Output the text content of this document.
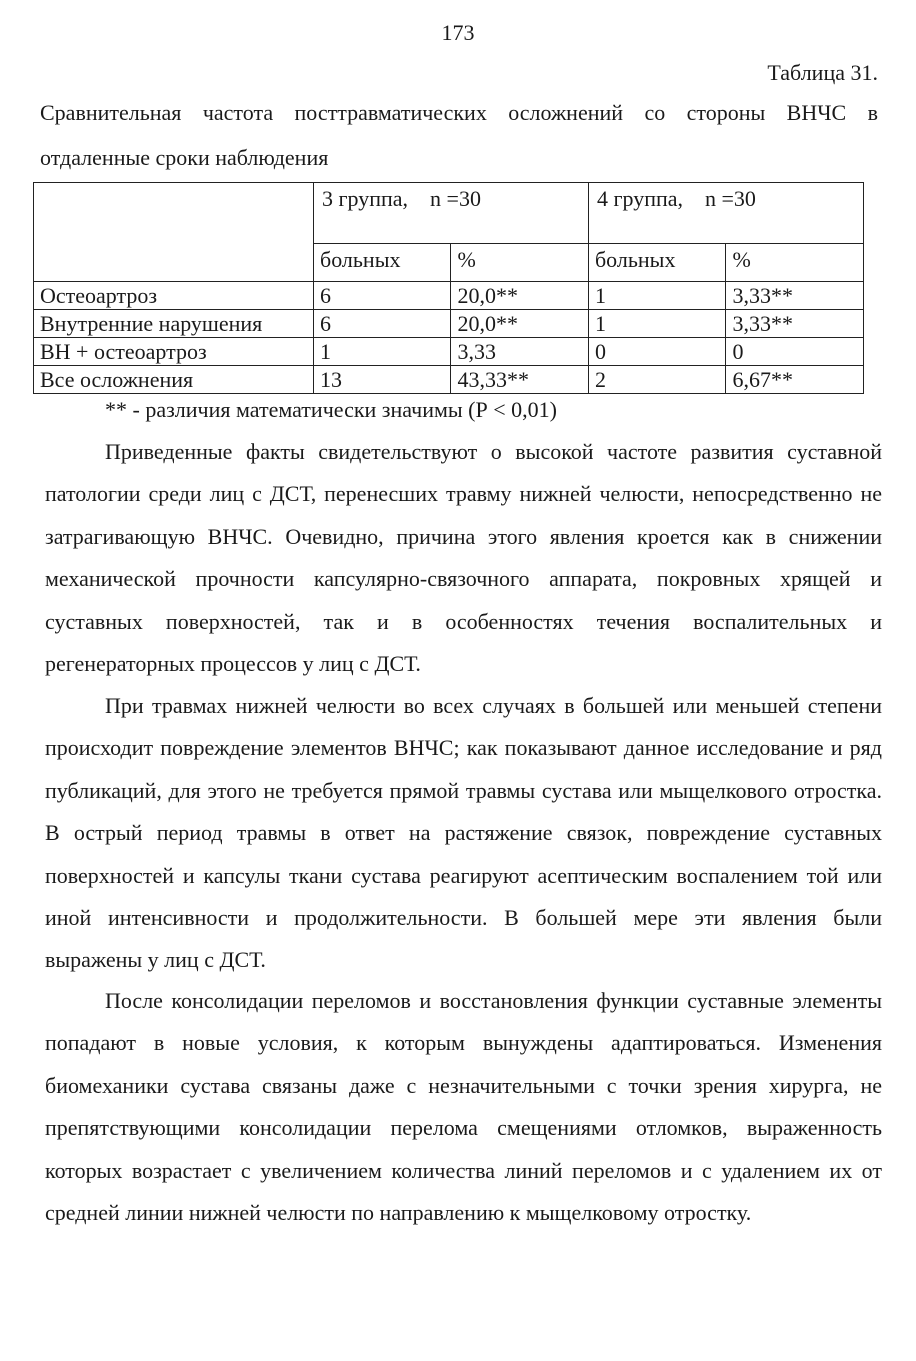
173
Таблица 31.
Сравнительная частота посттравматических осложнений со стороны ВНЧС в
отдаленные сроки наблюдения
	3 группа,    n =30		4 группа,    n =30	
	больных	%	больных	%
Остеоартроз	6	20,0**	1	3,33**
Внутренние нарушения	6	20,0**	1	3,33**
ВН + остеоартроз	1	3,33	0	0
Все осложнения	13	43,33**	2	6,67**
** - различия математически значимы (Р < 0,01)

Приведенные факты свидетельствуют о высокой частоте развития суставной патологии среди лиц с ДСТ, перенесших травму нижней челюсти, непосредственно не затрагивающую ВНЧС. Очевидно, причина этого явления кроется как в снижении механической прочности капсулярно-связочного аппарата, покровных хрящей и суставных поверхностей, так и в особенностях течения воспалительных и регенераторных процессов у лиц с ДСТ.

При травмах нижней челюсти во всех случаях в большей или меньшей степени происходит повреждение элементов ВНЧС; как показывают данное исследование и ряд публикаций, для этого не требуется прямой травмы сустава или мыщелкового отростка. В острый период травмы в ответ на растяжение связок, повреждение суставных поверхностей и капсулы ткани сустава реагируют асептическим воспалением той или иной интенсивности и продолжительности. В большей мере эти явления были выражены у лиц с ДСТ.

После консолидации переломов и восстановления функции суставные элементы попадают в новые условия, к которым вынуждены адаптироваться. Изменения биомеханики сустава связаны даже с незначительными с точки зрения хирурга, не препятствующими консолидации перелома смещениями отломков, выраженность которых возрастает с увеличением количества линий переломов и с удалением их от средней линии нижней челюсти по направлению к мыщелковому отростку.
